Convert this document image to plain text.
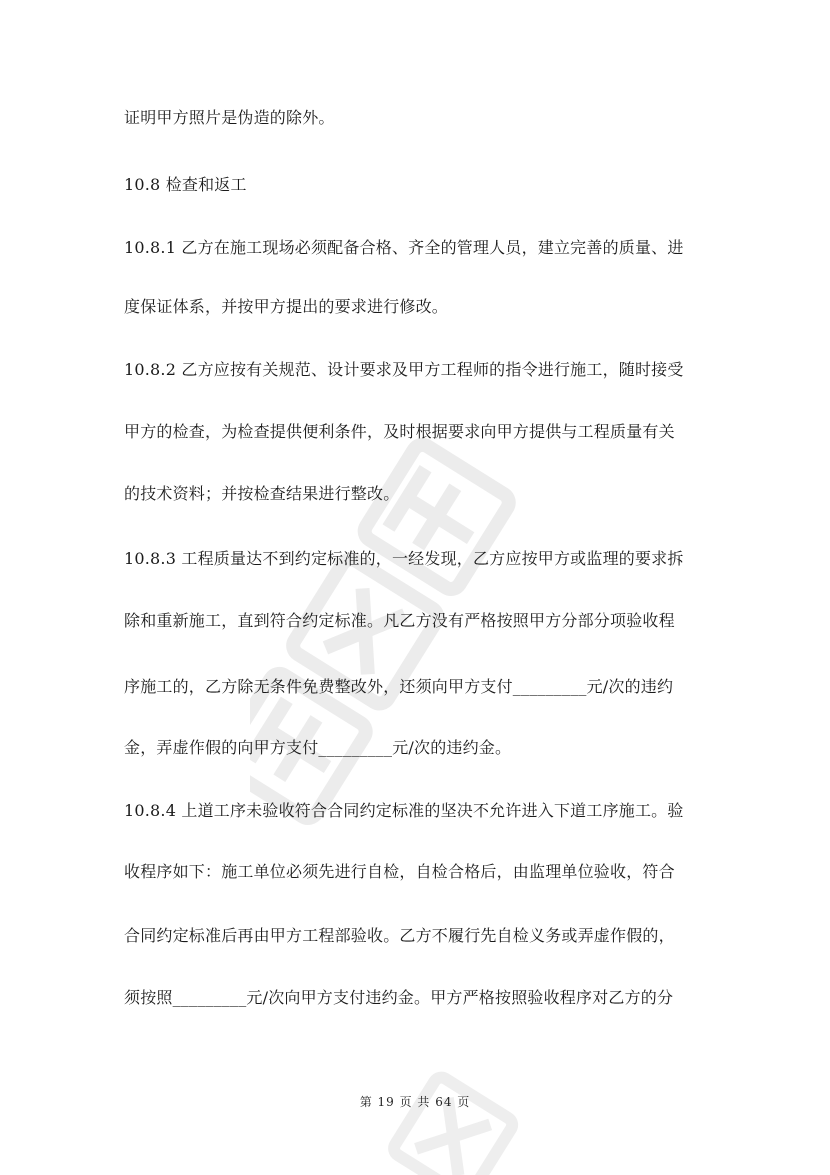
证明甲方照片是伪造的除外。
10.8 检查和返工
10.8.1 乙方在施工现场必须配备合格、齐全的管理人员，建立完善的质量、进
度保证体系，并按甲方提出的要求进行修改。
10.8.2 乙方应按有关规范、设计要求及甲方工程师的指令进行施工，随时接受
甲方的检查，为检查提供便利条件，及时根据要求向甲方提供与工程质量有关
的技术资料；并按检查结果进行整改。
10.8.3 工程质量达不到约定标准的，一经发现，乙方应按甲方或监理的要求拆
除和重新施工，直到符合约定标准。凡乙方没有严格按照甲方分部分项验收程
序施工的，乙方除无条件免费整改外，还须向甲方支付_________元/次的违约
金，弄虚作假的向甲方支付_________元/次的违约金。
10.8.4 上道工序未验收符合合同约定标准的坚决不允许进入下道工序施工。验
收程序如下：施工单位必须先进行自检，自检合格后，由监理单位验收，符合
合同约定标准后再由甲方工程部验收。乙方不履行先自检义务或弄虚作假的，
须按照_________元/次向甲方支付违约金。甲方严格按照验收程序对乙方的分
第 19 页 共 64 页
